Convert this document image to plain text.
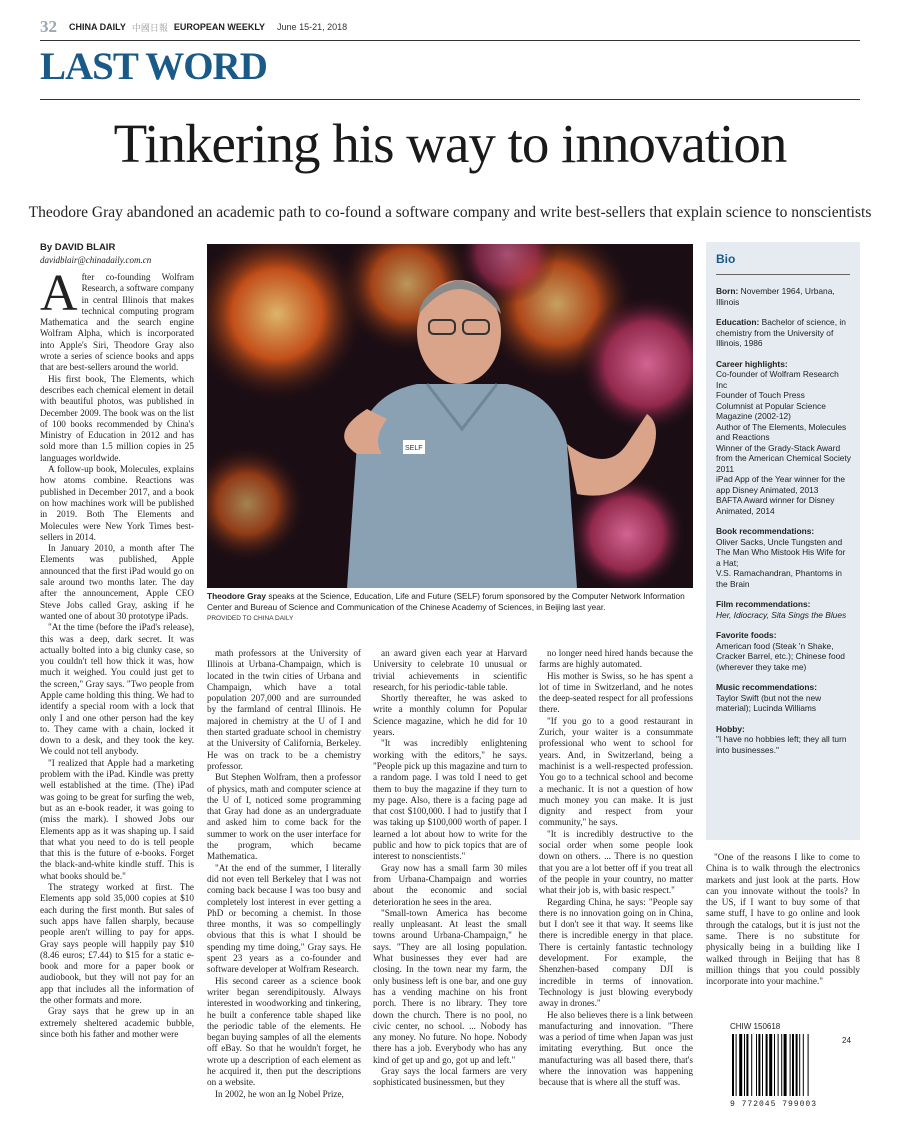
32 CHINA DAILY 中國日報 EUROPEAN WEEKLY June 15-21, 2018
LAST WORD
Tinkering his way to innovation
Theodore Gray abandoned an academic path to co-found a software company and write best-sellers that explain science to nonscientists
By DAVID BLAIR
davidblair@chinadaily.com.cn
A fter co-founding Wolfram Research, a software company in central Illinois that makes technical computing program Mathematica and the search engine Wolfram Alpha, which is incorporated into Apple's Siri, Theodore Gray also wrote a series of science books and apps that are best-sellers around the world.

His first book, The Elements, which describes each chemical element in detail with beautiful photos, was published in December 2009. The book was on the list of 100 books recommended by China's Ministry of Education in 2012 and has sold more than 1.5 million copies in 25 languages worldwide.

A follow-up book, Molecules, explains how atoms combine. Reactions was published in December 2017, and a book on how machines work will be published in 2019. Both The Elements and Molecules were New York Times best-sellers in 2014.

In January 2010, a month after The Elements was published, Apple announced that the first iPad would go on sale around two months later. The day after the announcement, Apple CEO Steve Jobs called Gray, asking if he wanted one of about 30 prototype iPads.

"At the time (before the iPad's release), this was a deep, dark secret. It was actually bolted into a big clunky case, so you couldn't tell how thick it was, how much it weighed. You could just get to the screen," Gray says. "Two people from Apple came holding this thing. We had to identify a special room with a lock that only I and one other person had the key to. They came with a chain, locked it down to a desk, and they took the key. We could not tell anybody.

"I realized that Apple had a marketing problem with the iPad. Kindle was pretty well established at the time. (The) iPad was going to be great for surfing the web, but as an e-book reader, it was going to (miss the mark). I showed Jobs our Elements app as it was shaping up. I said that what you need to do is tell people that this is the future of e-books. Forget the black-and-white kindle stuff. This is what books should be."

The strategy worked at first. The Elements app sold 35,000 copies at $10 each during the first month. But sales of such apps have fallen sharply, because people aren't willing to pay for apps. Gray says people will happily pay $10 (8.46 euros; £7.44) to $15 for a static e-book and more for a paper book or audiobook, but they will not pay for an app that includes all the information of the other formats and more.

Gray says that he grew up in an extremely sheltered academic bubble, since both his father and mother were

SELF
Theodore Gray speaks at the Science, Education, Life and Future (SELF) forum sponsored by the Computer Network Information Center and Bureau of Science and Communication of the Chinese Academy of Sciences, in Beijing last year.
PROVIDED TO CHINA DAILY

math professors at the University of Illinois at Urbana-Champaign, which is located in the twin cities of Urbana and Champaign, which have a total population 207,000 and are surrounded by the farmland of central Illinois. He majored in chemistry at the U of I and then started graduate school in chemistry at the University of California, Berkeley. He was on track to be a chemistry professor.

But Stephen Wolfram, then a professor of physics, math and computer science at the U of I, noticed some programming that Gray had done as an undergraduate and asked him to come back for the summer to work on the user interface for the program, which became Mathematica.

"At the end of the summer, I literally did not even tell Berkeley that I was not coming back because I was too busy and completely lost interest in ever getting a PhD or becoming a chemist. In those three months, it was so compellingly obvious that this is what I should be spending my time doing," Gray says. He spent 23 years as a co-founder and software developer at Wolfram Research.

His second career as a science book writer began serendipitously. Always interested in woodworking and tinkering, he built a conference table shaped like the periodic table of the elements. He began buying samples of all the elements off eBay. So that he wouldn't forget, he wrote up a description of each element as he acquired it, then put the descriptions on a website.

In 2002, he won an Ig Nobel Prize,

an award given each year at Harvard University to celebrate 10 unusual or trivial achievements in scientific research, for his periodic-table table.

Shortly thereafter, he was asked to write a monthly column for Popular Science magazine, which he did for 10 years.

"It was incredibly enlightening working with the editors," he says. "People pick up this magazine and turn to a random page. I was told I need to get them to buy the magazine if they turn to my page. Also, there is a facing page ad that cost $100,000. I had to justify that I was taking up $100,000 worth of paper. I learned a lot about how to write for the public and how to pick topics that are of interest to nonscientists."

Gray now has a small farm 30 miles from Urbana-Champaign and worries about the economic and social deterioration he sees in the area.

"Small-town America has become really unpleasant. At least the small towns around Urbana-Champaign," he says. "They are all losing population. What businesses they ever had are closing. In the town near my farm, the only business left is one bar, and one guy has a vending machine on his front porch. There is no library. They tore down the church. There is no pool, no civic center, no school. ... Nobody has any money. No future. No hope. Nobody there has a job. Everybody who has any kind of get up and go, got up and left."

Gray says the local farmers are very sophisticated businessmen, but they

no longer need hired hands because the farms are highly automated.

His mother is Swiss, so he has spent a lot of time in Switzerland, and he notes the deep-seated respect for all professions there.

"If you go to a good restaurant in Zurich, your waiter is a consummate professional who went to school for years. And, in Switzerland, being a machinist is a well-respected profession. You go to a technical school and become a mechanic. It is not a question of how much money you can make. It is just dignity and respect from your community," he says.

"It is incredibly destructive to the social order when some people look down on others. ... There is no question that you are a lot better off if you treat all of the people in your country, no matter what their job is, with basic respect."

Regarding China, he says: "People say there is no innovation going on in China, but I don't see it that way. It seems like there is incredible energy in that place. There is certainly fantastic technology development. For example, the Shenzhen-based company DJI is incredible in terms of innovation. Technology is just blowing everybody away in drones."

He also believes there is a link between manufacturing and innovation. "There was a period of time when Japan was just imitating everything. But once the manufacturing was all based there, that's where the innovation was happening because that is where all the stuff was.

"One of the reasons I like to come to China is to walk through the electronics markets and just look at the parts. How can you innovate without the tools? In the US, if I want to buy some of that same stuff, I have to go online and look through the catalogs, but it is just not the same. There is no substitute for physically being in a building like I walked through in Beijing that has 8 million things that you could possibly incorporate into your machine."

Bio
Born: November 1964, Urbana, Illinois
Education: Bachelor of science, in chemistry from the University of Illinois, 1986
Career highlights:
Co-founder of Wolfram Research Inc
Founder of Touch Press
Columnist at Popular Science Magazine (2002-12)
Author of The Elements, Molecules and Reactions
Winner of the Grady-Stack Award from the American Chemical Society 2011
iPad App of the Year winner for the app Disney Animated, 2013
BAFTA Award winner for Disney Animated, 2014
Book recommendations:
Oliver Sacks, Uncle Tungsten and The Man Who Mistook His Wife for a Hat;
V.S. Ramachandran, Phantoms in the Brain
Film recommendations:
Her, Idiocracy, Sita Sings the Blues
Favorite foods:
American food (Steak 'n Shake, Cracker Barrel, etc.); Chinese food (wherever they take me)
Music recommendations:
Taylor Swift (but not the new material); Lucinda Williams
Hobby:
"I have no hobbies left; they all turn into businesses."
CHIW 150618
24
9 772045 799003
